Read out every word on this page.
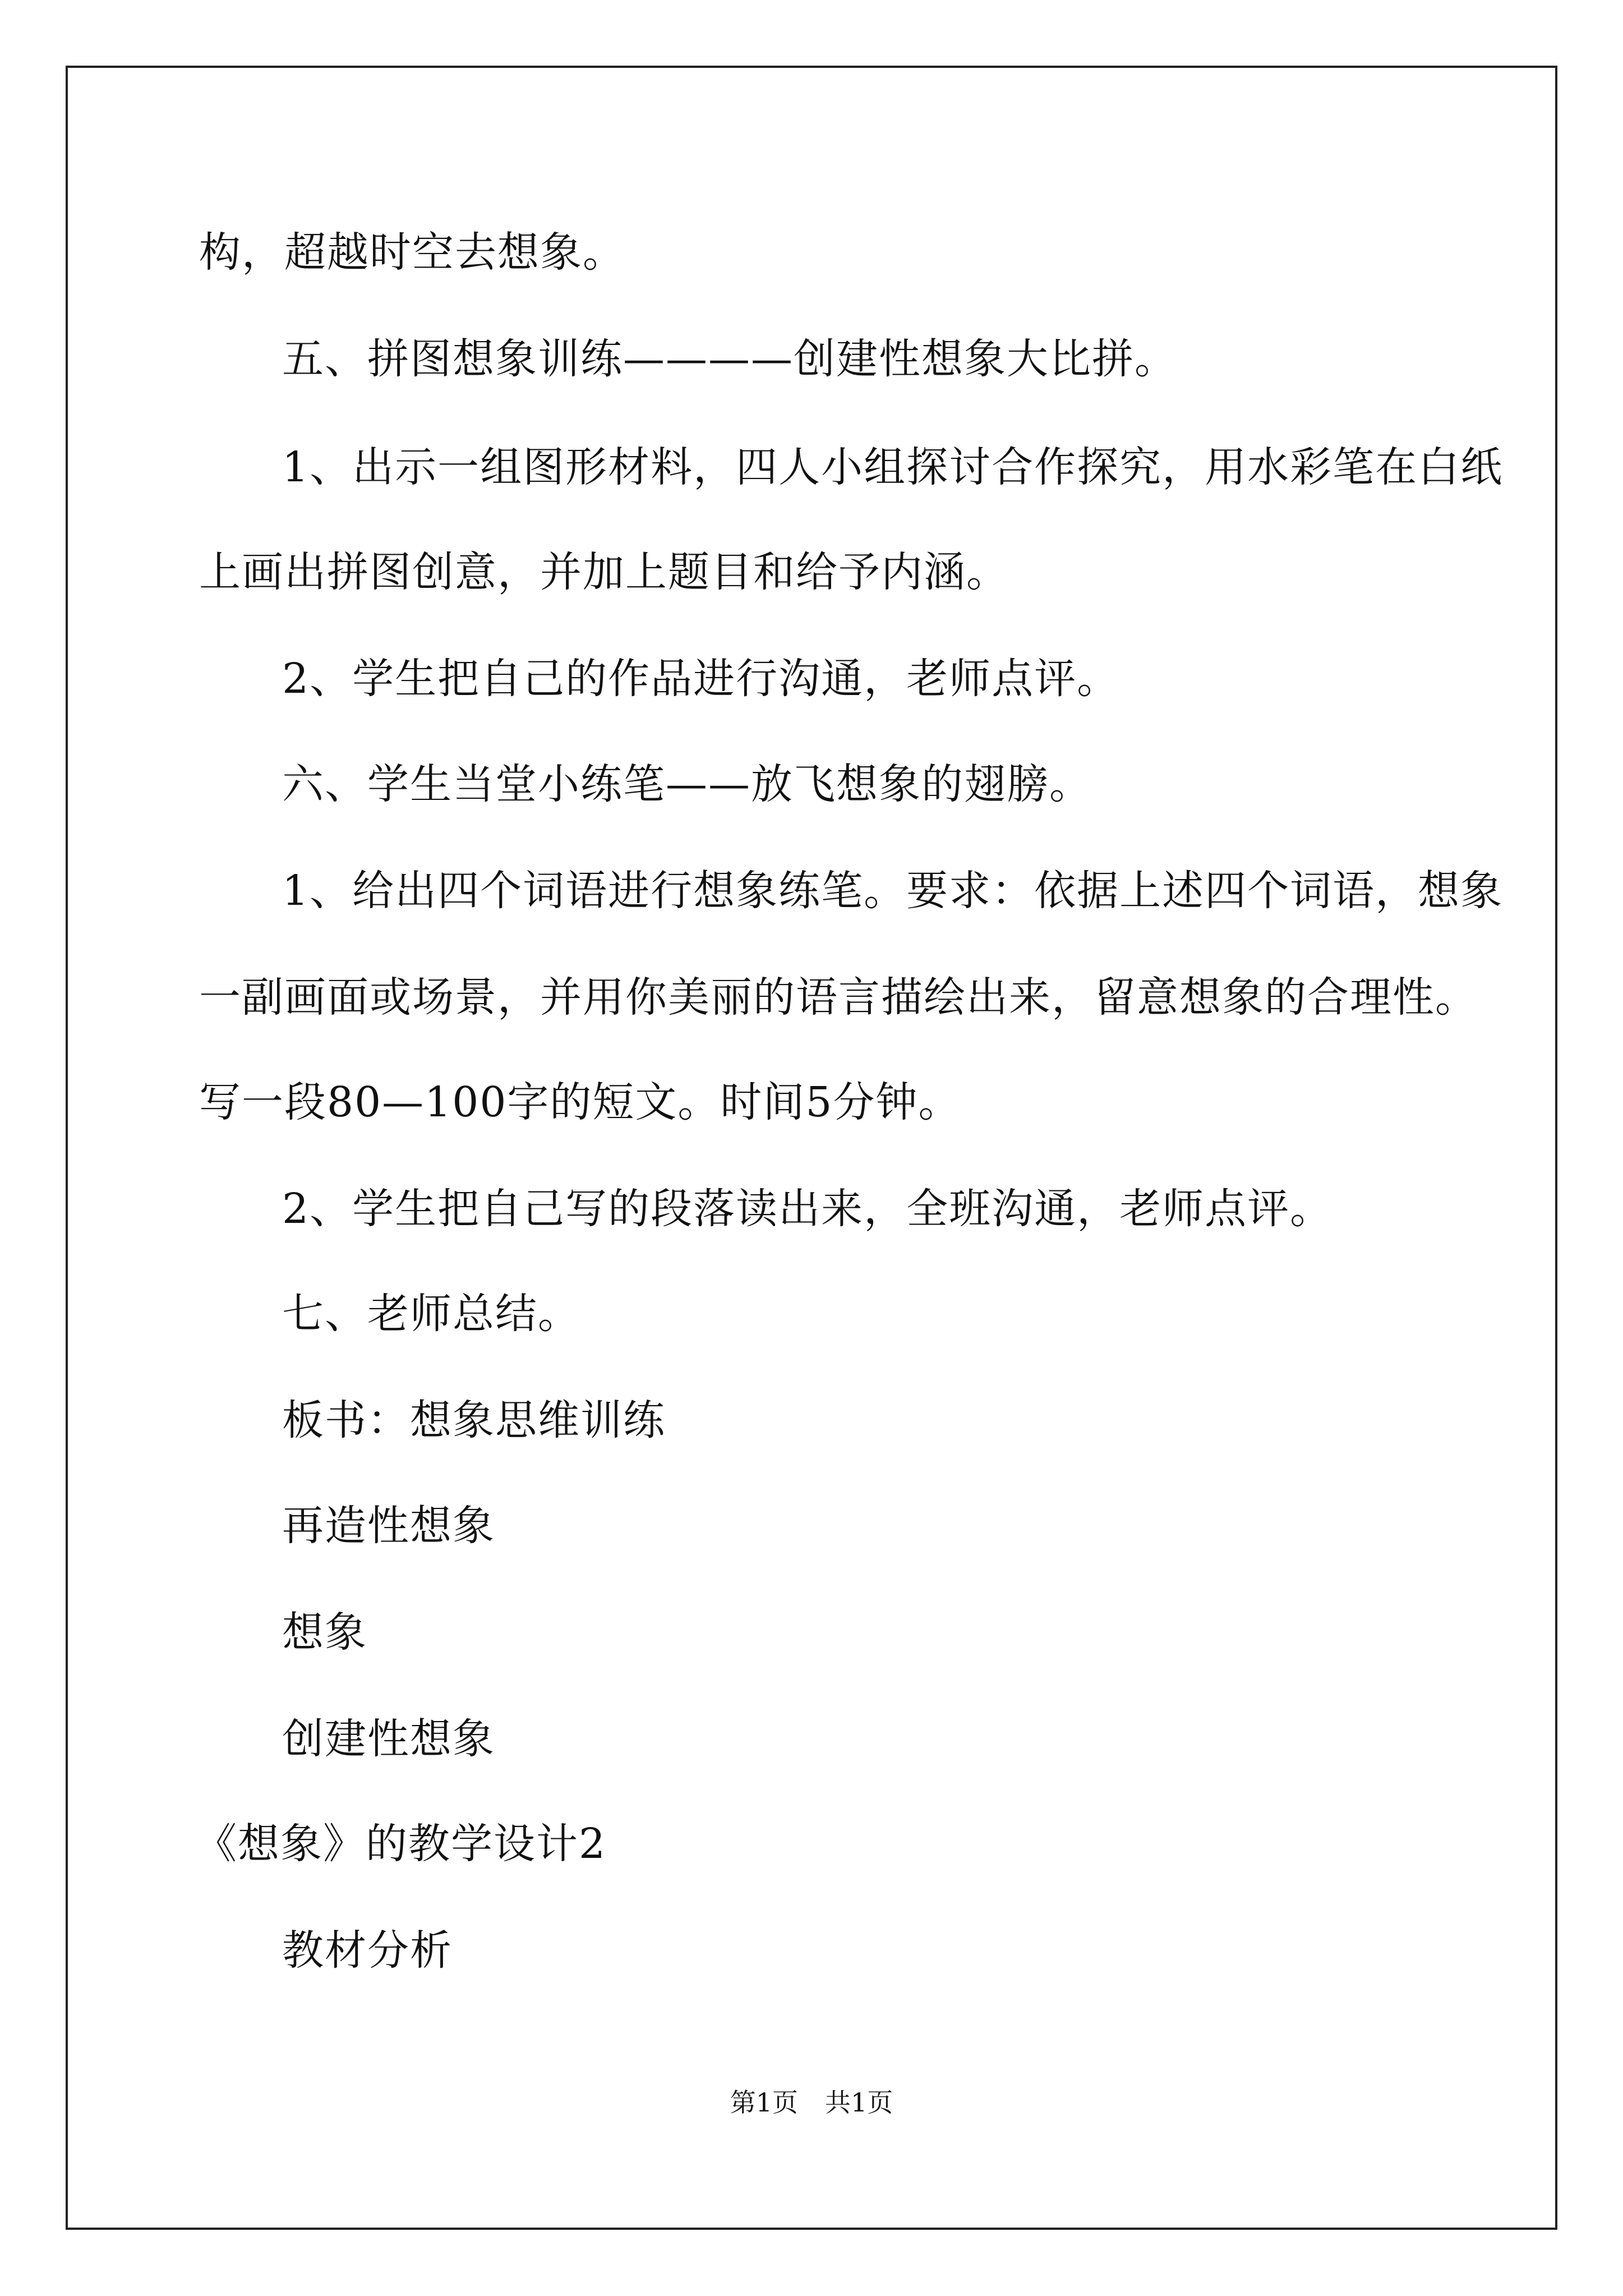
构，超越时空去想象。
五、拼图想象训练————创建性想象大比拼。
1、出示一组图形材料，四人小组探讨合作探究，用水彩笔在白纸
上画出拼图创意，并加上题目和给予内涵。
2、学生把自己的作品进行沟通，老师点评。
六、学生当堂小练笔——放飞想象的翅膀。
1、给出四个词语进行想象练笔。要求：依据上述四个词语，想象
一副画面或场景，并用你美丽的语言描绘出来，留意想象的合理性。
写一段80—100字的短文。时间5分钟。
2、学生把自己写的段落读出来，全班沟通，老师点评。
七、老师总结。
板书：想象思维训练
再造性想象
想象
创建性想象
《想象》的教学设计2
教材分析
第1页 共1页
